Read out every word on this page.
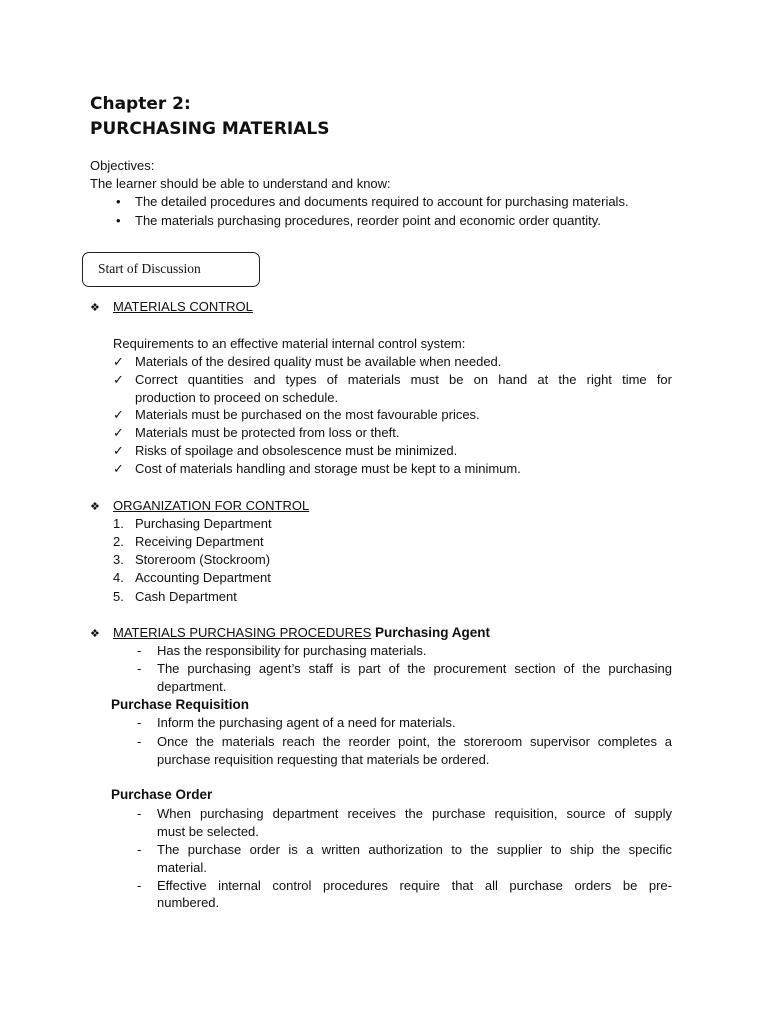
Chapter 2:
PURCHASING MATERIALS
Objectives:
The learner should be able to understand and know:
• The detailed procedures and documents required to account for purchasing materials.
• The materials purchasing procedures, reorder point and economic order quantity.
Start of Discussion
❖ MATERIALS CONTROL
Requirements to an effective material internal control system:
✓ Materials of the desired quality must be available when needed.
✓ Correct quantities and types of materials must be on hand at the right time for
production to proceed on schedule.
✓ Materials must be purchased on the most favourable prices.
✓ Materials must be protected from loss or theft.
✓ Risks of spoilage and obsolescence must be minimized.
✓ Cost of materials handling and storage must be kept to a minimum.
❖ ORGANIZATION FOR CONTROL
1. Purchasing Department
2. Receiving Department
3. Storeroom (Stockroom)
4. Accounting Department
5. Cash Department
❖ MATERIALS PURCHASING PROCEDURES Purchasing Agent
- Has the responsibility for purchasing materials.
- The purchasing agent’s staff is part of the procurement section of the purchasing
department.
Purchase Requisition
- Inform the purchasing agent of a need for materials.
- Once the materials reach the reorder point, the storeroom supervisor completes a
purchase requisition requesting that materials be ordered.
Purchase Order
- When purchasing department receives the purchase requisition, source of supply
must be selected.
- The purchase order is a written authorization to the supplier to ship the specific
material.
- Effective internal control procedures require that all purchase orders be pre-
numbered.
